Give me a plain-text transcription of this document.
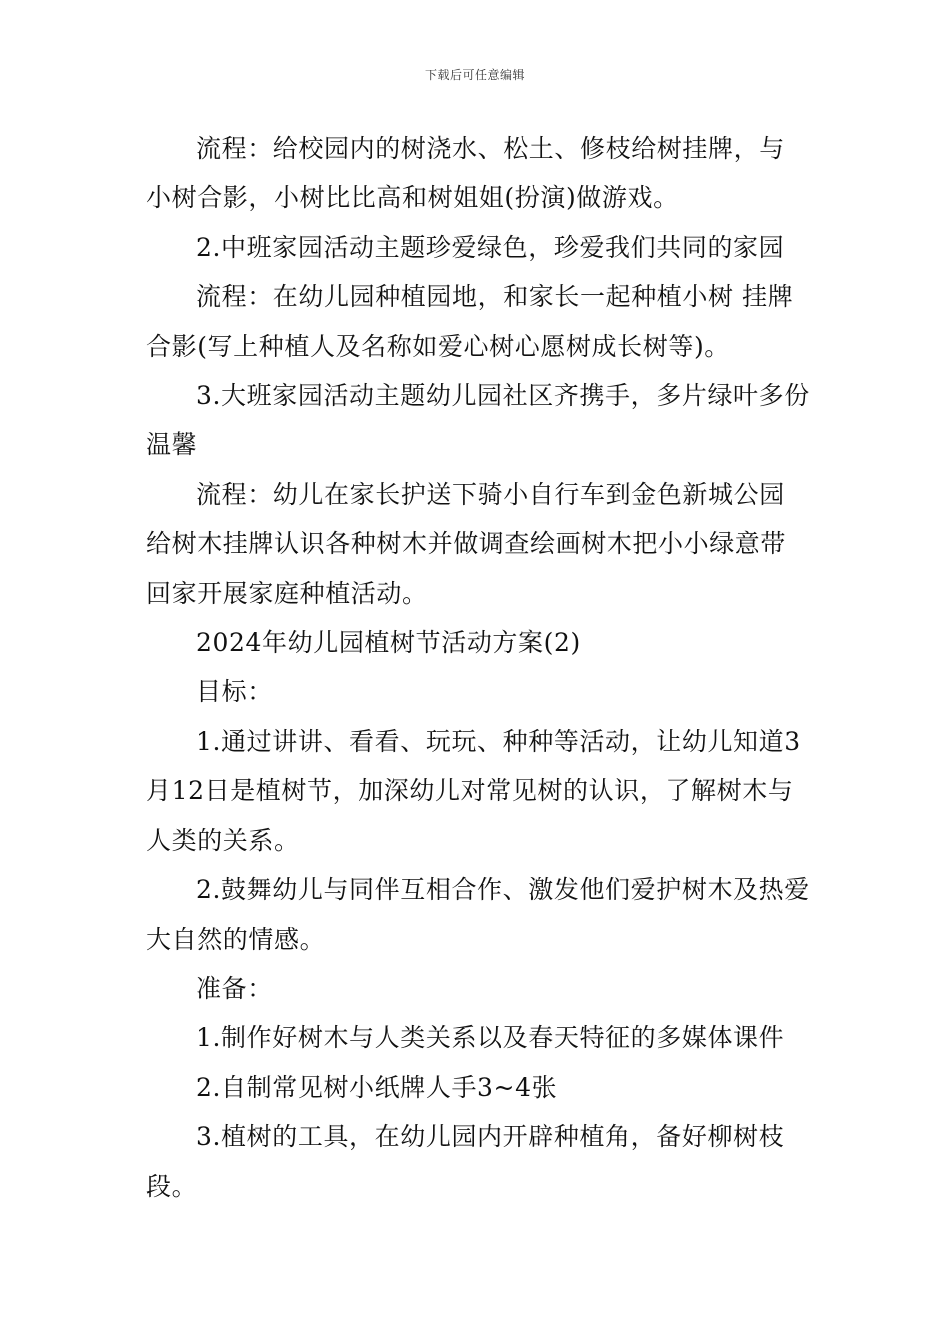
下载后可任意编辑

流程：给校园内的树浇水、松土、修枝给树挂牌，与小树合影，小树比比高和树姐姐(扮演)做游戏。

2.中班家园活动主题珍爱绿色，珍爱我们共同的家园

流程：在幼儿园种植园地，和家长一起种植小树 挂牌合影(写上种植人及名称如爱心树心愿树成长树等)。

3.大班家园活动主题幼儿园社区齐携手，多片绿叶多份温馨

流程：幼儿在家长护送下骑小自行车到金色新城公园给树木挂牌认识各种树木并做调查绘画树木把小小绿意带回家开展家庭种植活动。

2024年幼儿园植树节活动方案(2)

目标：

1.通过讲讲、看看、玩玩、种种等活动，让幼儿知道3月12日是植树节，加深幼儿对常见树的认识，了解树木与人类的关系。

2.鼓舞幼儿与同伴互相合作、激发他们爱护树木及热爱大自然的情感。

准备：

1.制作好树木与人类关系以及春天特征的多媒体课件

2.自制常见树小纸牌人手3~4张

3.植树的工具，在幼儿园内开辟种植角，备好柳树枝段。
